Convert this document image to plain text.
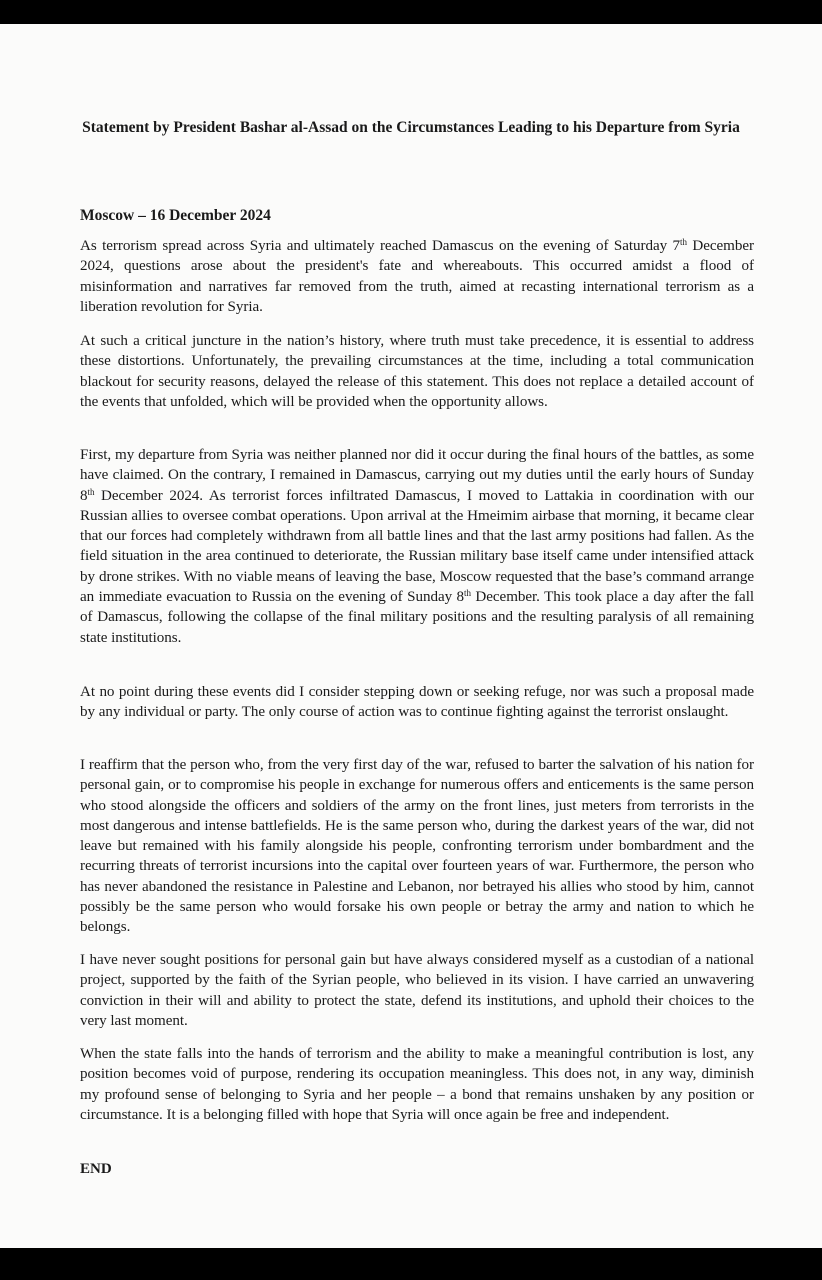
Statement by President Bashar al-Assad on the Circumstances Leading to his Departure from Syria

Moscow – 16 December 2024

As terrorism spread across Syria and ultimately reached Damascus on the evening of Saturday 7th December 2024, questions arose about the president's fate and whereabouts. This occurred amidst a flood of misinformation and narratives far removed from the truth, aimed at recasting international terrorism as a liberation revolution for Syria.

At such a critical juncture in the nation’s history, where truth must take precedence, it is essential to address these distortions. Unfortunately, the prevailing circumstances at the time, including a total communication blackout for security reasons, delayed the release of this statement. This does not replace a detailed account of the events that unfolded, which will be provided when the opportunity allows.

First, my departure from Syria was neither planned nor did it occur during the final hours of the battles, as some have claimed. On the contrary, I remained in Damascus, carrying out my duties until the early hours of Sunday 8th December 2024. As terrorist forces infiltrated Damascus, I moved to Lattakia in coordination with our Russian allies to oversee combat operations. Upon arrival at the Hmeimim airbase that morning, it became clear that our forces had completely withdrawn from all battle lines and that the last army positions had fallen. As the field situation in the area continued to deteriorate, the Russian military base itself came under intensified attack by drone strikes. With no viable means of leaving the base, Moscow requested that the base’s command arrange an immediate evacuation to Russia on the evening of Sunday 8th December. This took place a day after the fall of Damascus, following the collapse of the final military positions and the resulting paralysis of all remaining state institutions.

At no point during these events did I consider stepping down or seeking refuge, nor was such a proposal made by any individual or party. The only course of action was to continue fighting against the terrorist onslaught.

I reaffirm that the person who, from the very first day of the war, refused to barter the salvation of his nation for personal gain, or to compromise his people in exchange for numerous offers and enticements is the same person who stood alongside the officers and soldiers of the army on the front lines, just meters from terrorists in the most dangerous and intense battlefields. He is the same person who, during the darkest years of the war, did not leave but remained with his family alongside his people, confronting terrorism under bombardment and the recurring threats of terrorist incursions into the capital over fourteen years of war. Furthermore, the person who has never abandoned the resistance in Palestine and Lebanon, nor betrayed his allies who stood by him, cannot possibly be the same person who would forsake his own people or betray the army and nation to which he belongs.

I have never sought positions for personal gain but have always considered myself as a custodian of a national project, supported by the faith of the Syrian people, who believed in its vision. I have carried an unwavering conviction in their will and ability to protect the state, defend its institutions, and uphold their choices to the very last moment.

When the state falls into the hands of terrorism and the ability to make a meaningful contribution is lost, any position becomes void of purpose, rendering its occupation meaningless. This does not, in any way, diminish my profound sense of belonging to Syria and her people – a bond that remains unshaken by any position or circumstance. It is a belonging filled with hope that Syria will once again be free and independent.

END
